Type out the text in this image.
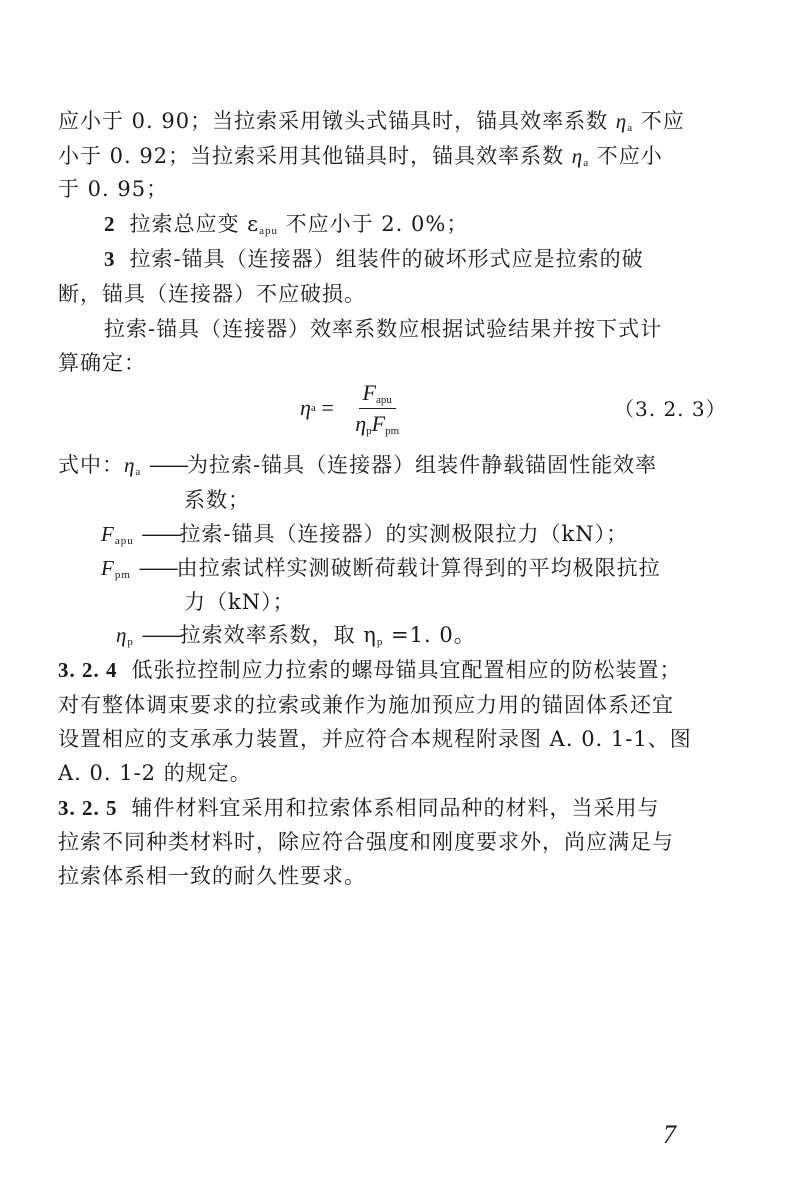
应小于 0. 90；当拉索采用镦头式锚具时，锚具效率系数 $\eta_a$ 不应
小于 0. 92；当拉索采用其他锚具时，锚具效率系数 $\eta_a$ 不应小
于 0. 95；
2 拉索总应变 $\varepsilon_{apu}$ 不应小于 2. 0%；
3 拉索-锚具（连接器）组装件的破坏形式应是拉索的破
断，锚具（连接器）不应破损。
拉索-锚具（连接器）效率系数应根据试验结果并按下式计
算确定：
η $a = \frac{F_{apu}}{\eta_pF_{pm}}$	（3. 2. 3）
式中：$\eta_a$ ——为拉索-锚具（连接器）组装件静载锚固性能效率
系数；
$F_{apu}$ ——拉索-锚具（连接器）的实测极限拉力（kN）；
$F_{pm}$ ——由拉索试样实测破断荷载计算得到的平均极限抗拉
力（kN）；
$\eta_p$ ——拉索效率系数，取 $\eta_p =1$. 0。
3. 2. 4 低张拉控制应力拉索的螺母锚具宜配置相应的防松装置；
对有整体调束要求的拉索或兼作为施加预应力用的锚固体系还宜
设置相应的支承承力装置，并应符合本规程附录图 A. 0. 1-1、图
A. 0. 1-2 的规定。
3. 2. 5 辅件材料宜采用和拉索体系相同品种的材料，当采用与
拉索不同种类材料时，除应符合强度和刚度要求外，尚应满足与
拉索体系相一致的耐久性要求。
7
